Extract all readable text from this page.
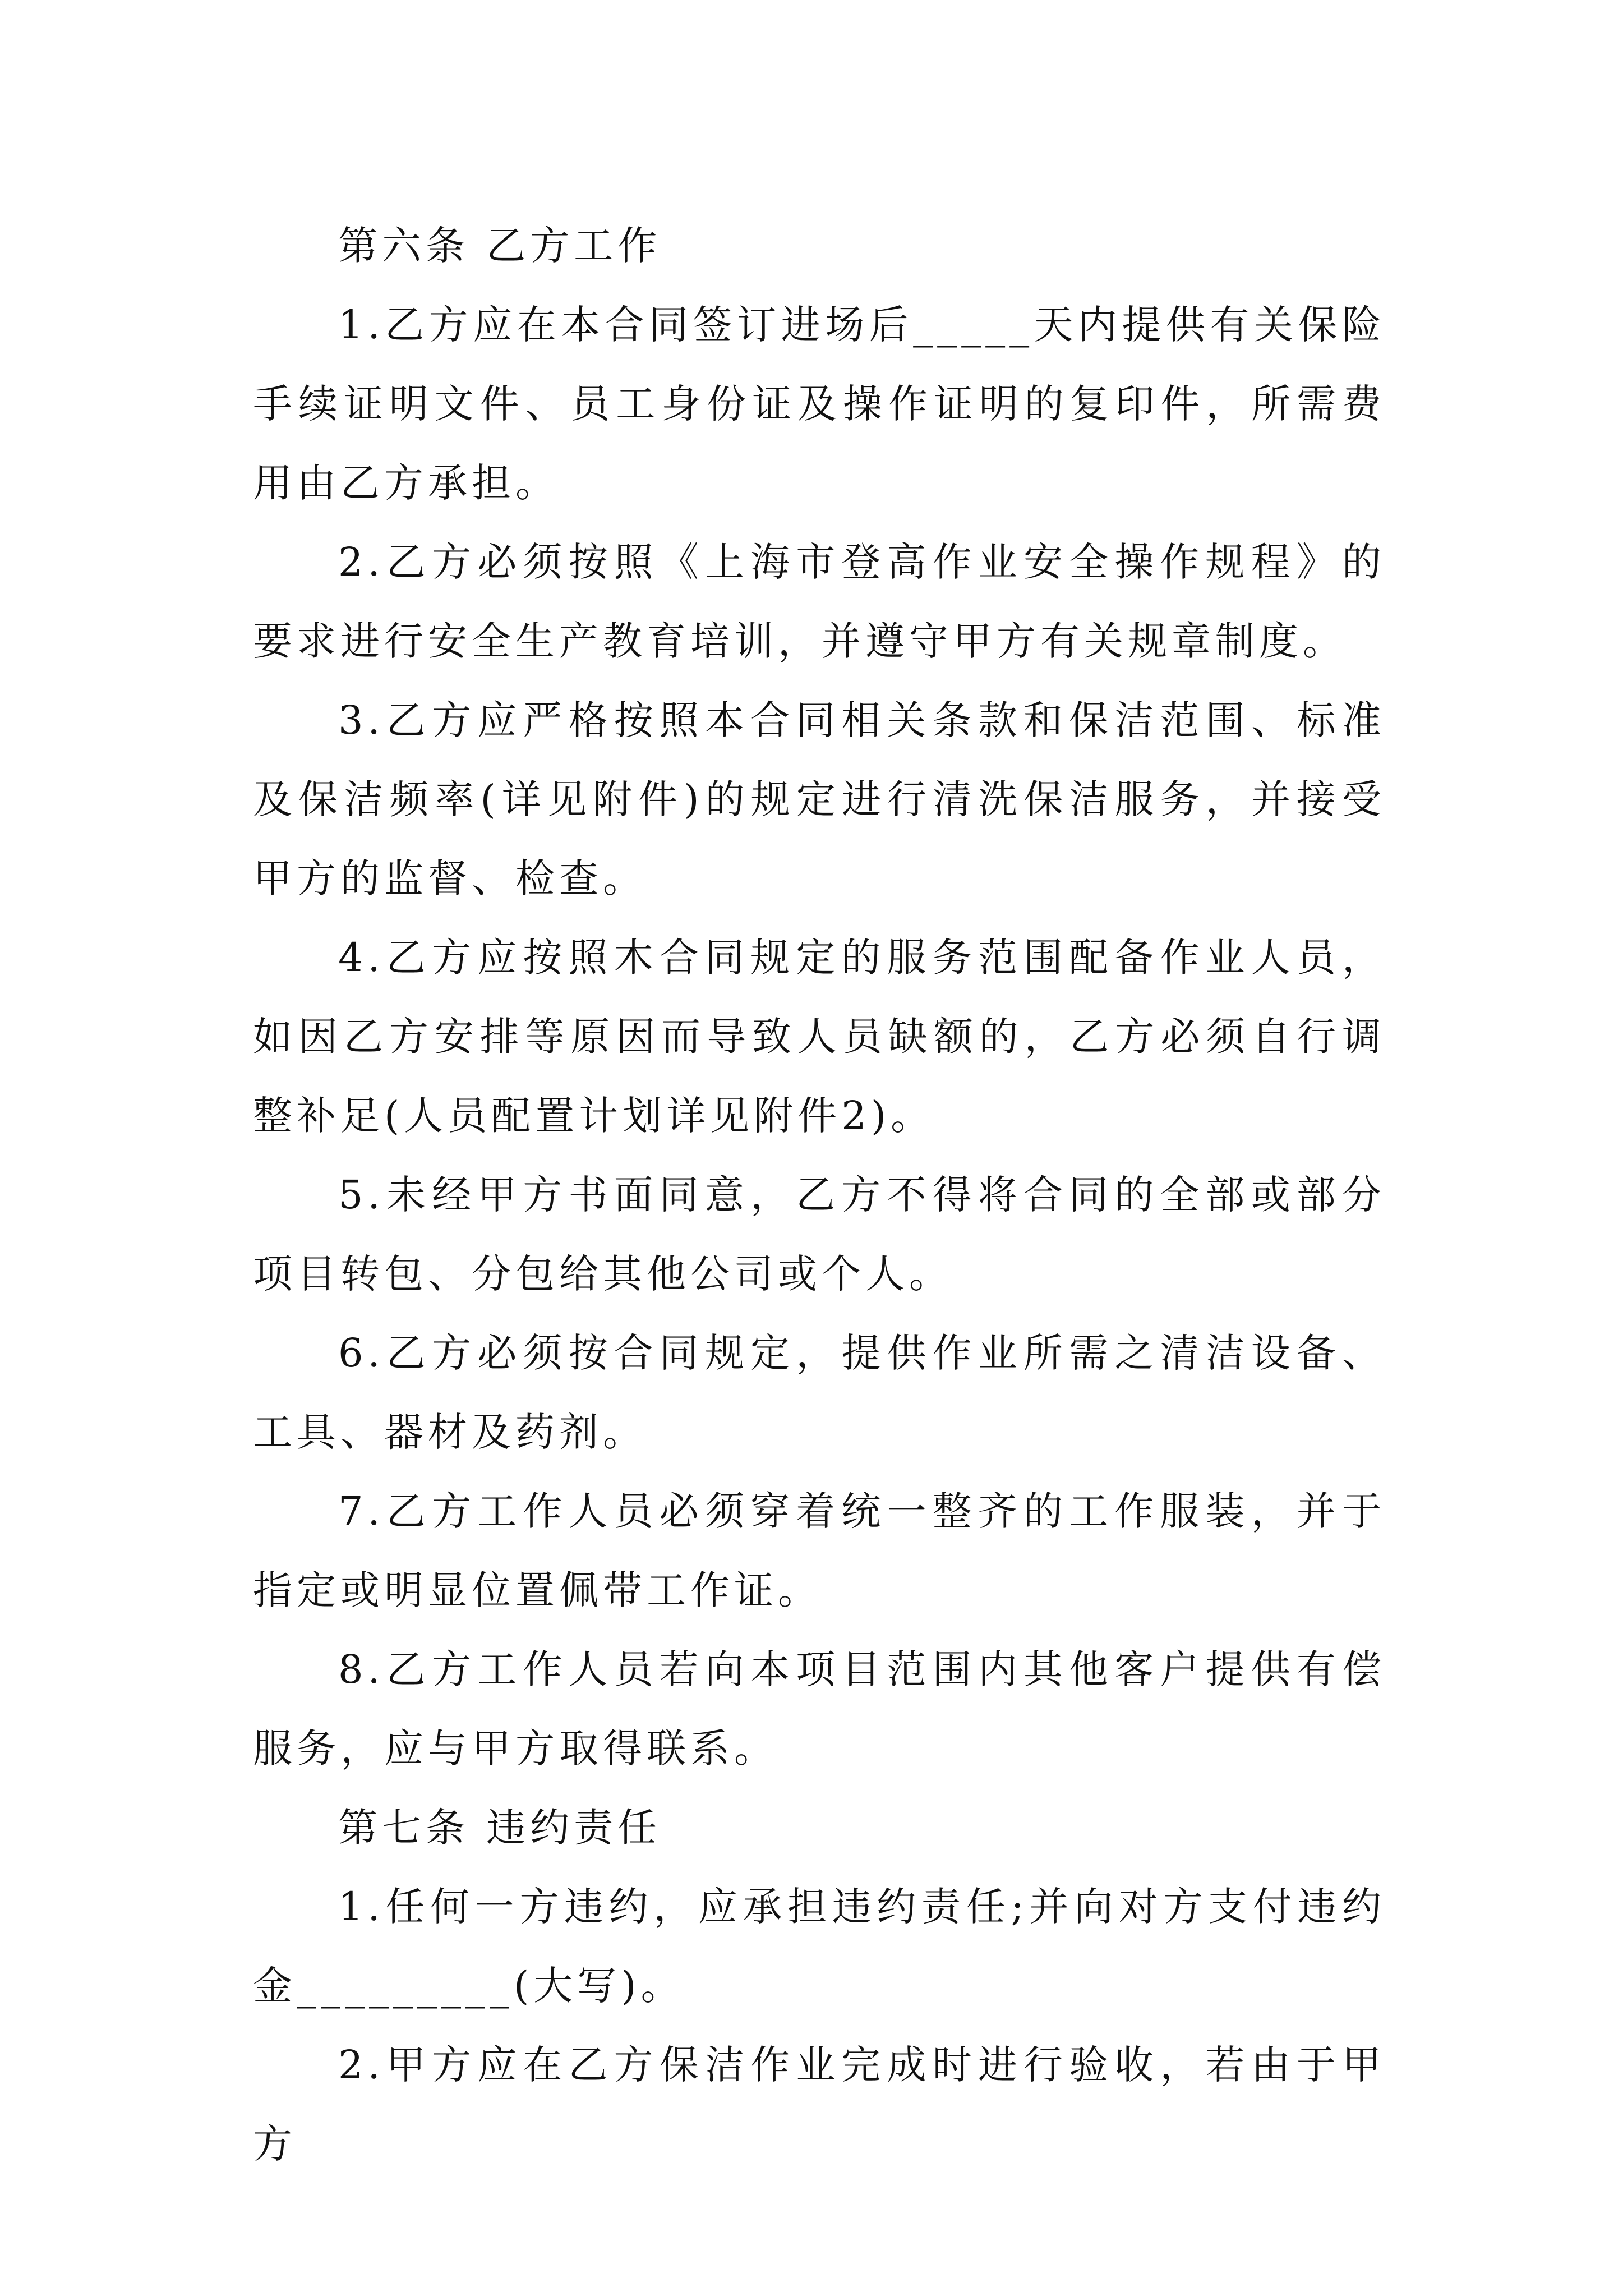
第六条 乙方工作

1.乙方应在本合同签订进场后_____天内提供有关保险手续证明文件、员工身份证及操作证明的复印件，所需费用由乙方承担。

2.乙方必须按照《上海市登高作业安全操作规程》的要求进行安全生产教育培训，并遵守甲方有关规章制度。

3.乙方应严格按照本合同相关条款和保洁范围、标准及保洁频率(详见附件)的规定进行清洗保洁服务，并接受甲方的监督、检查。

4.乙方应按照木合同规定的服务范围配备作业人员，如因乙方安排等原因而导致人员缺额的，乙方必须自行调整补足(人员配置计划详见附件2)。

5.未经甲方书面同意，乙方不得将合同的全部或部分项目转包、分包给其他公司或个人。

6.乙方必须按合同规定，提供作业所需之清洁设备、工具、器材及药剂。

7.乙方工作人员必须穿着统一整齐的工作服装，并于指定或明显位置佩带工作证。

8.乙方工作人员若向本项目范围内其他客户提供有偿服务，应与甲方取得联系。

第七条 违约责任

1.任何一方违约，应承担违约责任;并向对方支付违约金_________(大写)。

2.甲方应在乙方保洁作业完成时进行验收，若由于甲方
